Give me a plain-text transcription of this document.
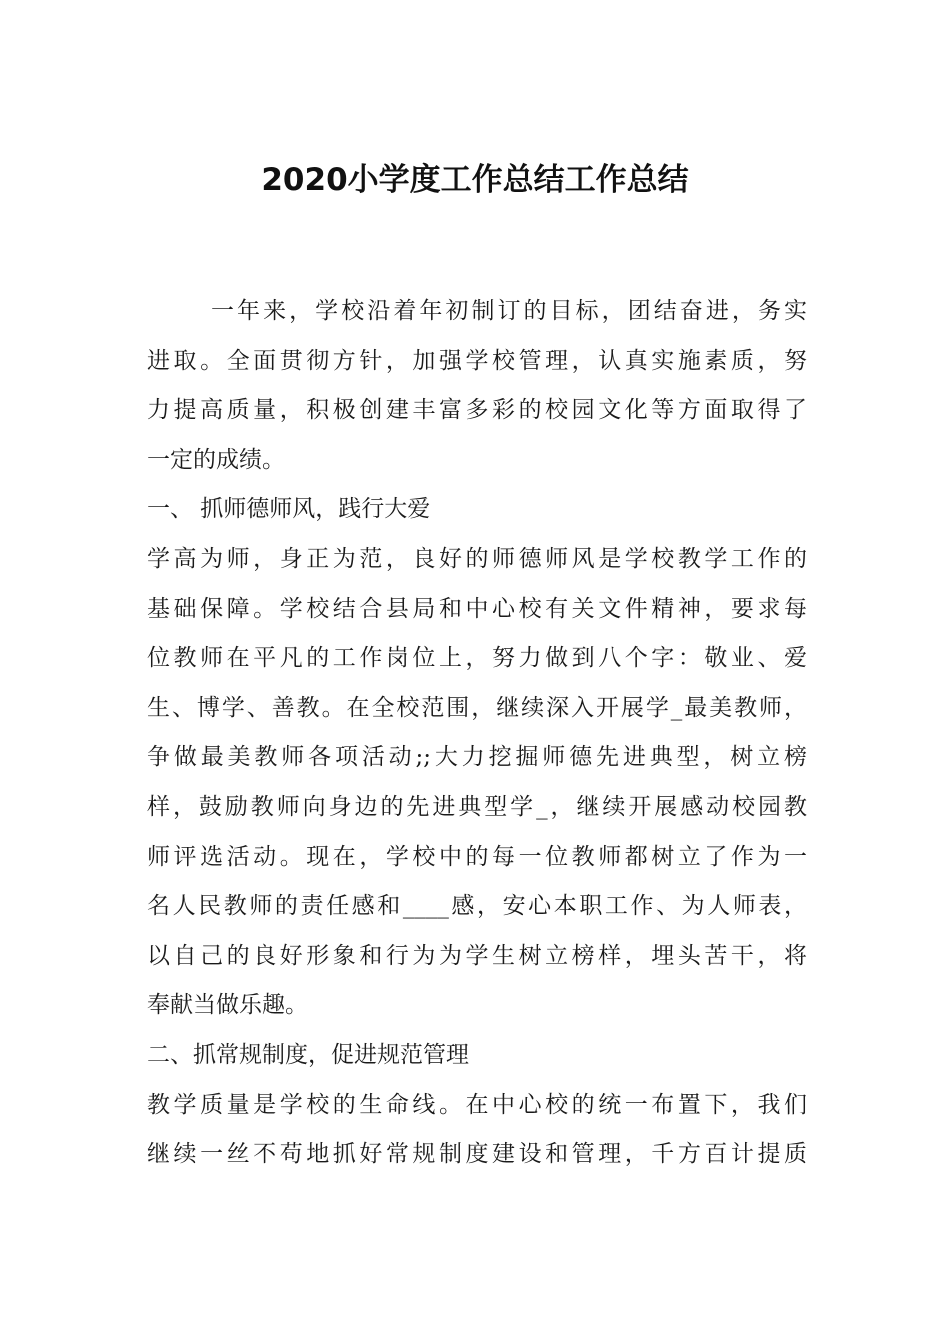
2020小学度工作总结工作总结
一年来，学校沿着年初制订的目标，团结奋进，务实
进取。全面贯彻方针，加强学校管理，认真实施素质，努
力提高质量，积极创建丰富多彩的校园文化等方面取得了
一定的成绩。
一、 抓师德师风，践行大爱
学高为师，身正为范，良好的师德师风是学校教学工作的
基础保障。学校结合县局和中心校有关文件精神，要求每
位教师在平凡的工作岗位上，努力做到八个字：敬业、爱
生、博学、善教。在全校范围，继续深入开展学_最美教师，
争做最美教师各项活动;;大力挖掘师德先进典型，树立榜
样，鼓励教师向身边的先进典型学_，继续开展感动校园教
师评选活动。现在，学校中的每一位教师都树立了作为一
名人民教师的责任感和____感，安心本职工作、为人师表，
以自己的良好形象和行为为学生树立榜样，埋头苦干，将
奉献当做乐趣。
二、抓常规制度，促进规范管理
教学质量是学校的生命线。在中心校的统一布置下，我们
继续一丝不苟地抓好常规制度建设和管理，千方百计提质
